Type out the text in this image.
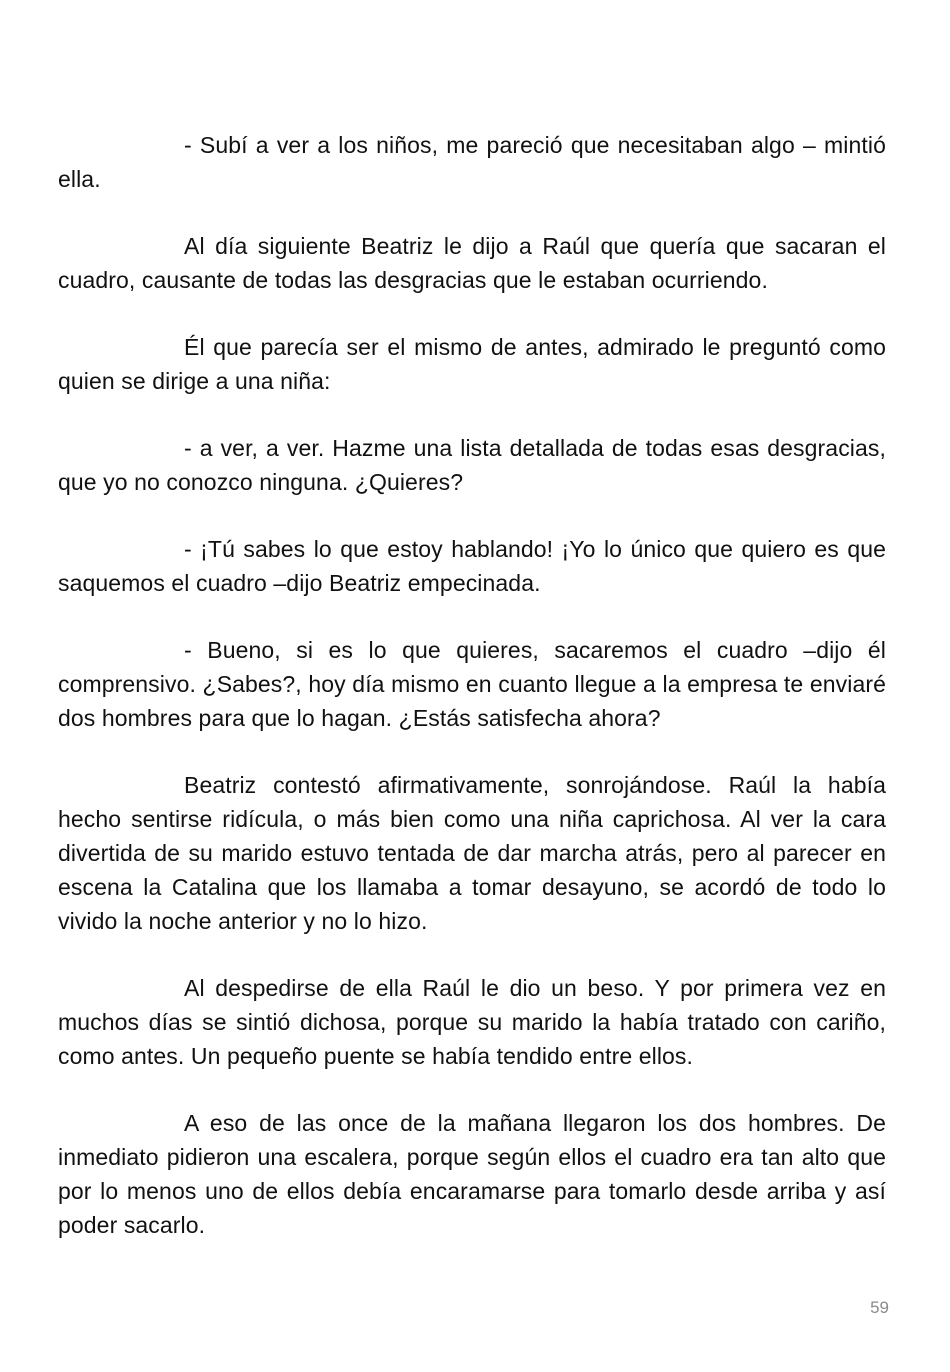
- Subí a ver a los niños, me pareció que necesitaban algo – mintió ella.

Al día siguiente Beatriz le dijo a Raúl que quería que sacaran el cuadro, causante de todas las desgracias que le estaban ocurriendo.

Él que parecía ser el mismo de antes, admirado le preguntó como quien se dirige a una niña:

- a ver, a ver. Hazme una lista detallada de todas esas desgracias, que yo no conozco ninguna. ¿Quieres?

- ¡Tú sabes lo que estoy hablando! ¡Yo lo único que quiero es que saquemos el cuadro –dijo Beatriz empecinada.

- Bueno, si es lo que quieres, sacaremos el cuadro –dijo él comprensivo. ¿Sabes?, hoy día mismo en cuanto llegue a la empresa te enviaré dos hombres para que lo hagan. ¿Estás satisfecha ahora?

Beatriz contestó afirmativamente, sonrojándose. Raúl la había hecho sentirse ridícula, o más bien como una niña caprichosa. Al ver la cara divertida de su marido estuvo tentada de dar marcha atrás, pero al parecer en escena la Catalina que los llamaba a tomar desayuno, se acordó de todo lo vivido la noche anterior y no lo hizo.

Al despedirse de ella Raúl le dio un beso. Y por primera vez en muchos días se sintió dichosa, porque su marido la había tratado con cariño, como antes. Un pequeño puente se había tendido entre ellos.

A eso de las once de la mañana llegaron los dos hombres. De inmediato pidieron una escalera, porque según ellos el cuadro era tan alto que por lo menos uno de ellos debía encaramarse para tomarlo desde arriba y así poder sacarlo.

59
